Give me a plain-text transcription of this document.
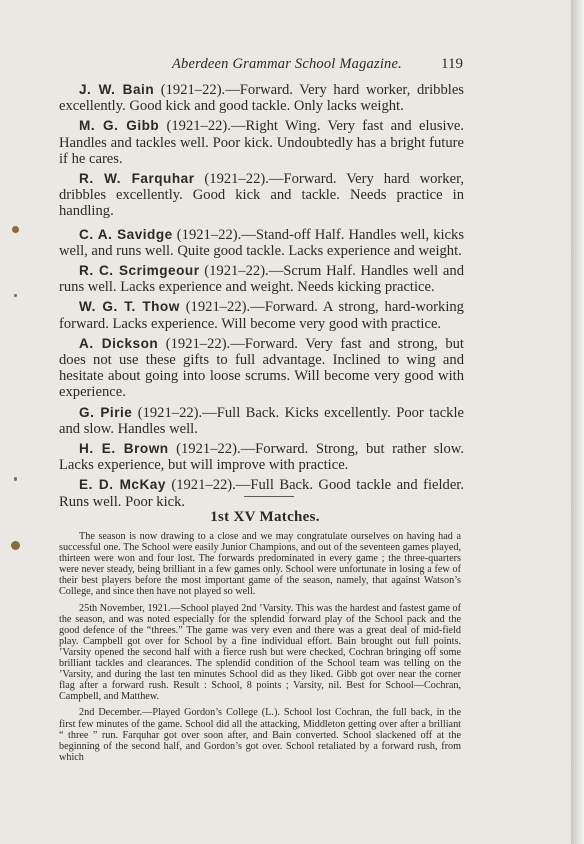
Aberdeen Grammar School Magazine.	119

J. W. Bain (1921–22).—Forward. Very hard worker, dribbles excellently. Good kick and good tackle. Only lacks weight.

M. G. Gibb (1921–22).—Right Wing. Very fast and elusive. Handles and tackles well. Poor kick. Undoubtedly has a bright future if he cares.

R. W. Farquhar (1921–22).—Forward. Very hard worker, dribbles excellently. Good kick and tackle. Needs practice in handling.

C. A. Savidge (1921–22).—Stand-off Half. Handles well, kicks well, and runs well. Quite good tackle. Lacks experience and weight.

R. C. Scrimgeour (1921–22).—Scrum Half. Handles well and runs well. Lacks experience and weight. Needs kicking practice.

W. G. T. Thow (1921–22).—Forward. A strong, hard-working forward. Lacks experience. Will become very good with practice.

A. Dickson (1921–22).—Forward. Very fast and strong, but does not use these gifts to full advantage. Inclined to wing and hesitate about going into loose scrums. Will become very good with experience.

G. Pirie (1921–22).—Full Back. Kicks excellently. Poor tackle and slow. Handles well.

H. E. Brown (1921–22).—Forward. Strong, but rather slow. Lacks experience, but will improve with practice.

E. D. McKay (1921–22).—Full Back. Good tackle and fielder. Runs well. Poor kick.

1st XV Matches.

The season is now drawing to a close and we may congratulate ourselves on having had a successful one. The School were easily Junior Champions, and out of the seventeen games played, thirteen were won and four lost. The forwards predominated in every game ; the three-quarters were never steady, being brilliant in a few games only. School were unfortunate in losing a few of their best players before the most important game of the season, namely, that against Watson’s College, and since then have not played so well.

25th November, 1921.—School played 2nd ’Varsity. This was the hardest and fastest game of the season, and was noted especially for the splendid forward play of the School pack and the good defence of the “threes.” The game was very even and there was a great deal of mid-field play. Campbell got over for School by a fine individual effort. Bain brought out full points. ’Varsity opened the second half with a fierce rush but were checked, Cochran bringing off some brilliant tackles and clearances. The splendid condition of the School team was telling on the ’Varsity, and during the last ten minutes School did as they liked. Gibb got over near the corner flag after a forward rush. Result : School, 8 points ; Varsity, nil. Best for School—Cochran, Campbell, and Matthew.

2nd December.—Played Gordon’s College (L.). School lost Cochran, the full back, in the first few minutes of the game. School did all the attacking, Middleton getting over after a brilliant “ three ” run. Farquhar got over soon after, and Bain converted. School slackened off at the beginning of the second half, and Gordon’s got over. School retaliated by a forward rush, from which
